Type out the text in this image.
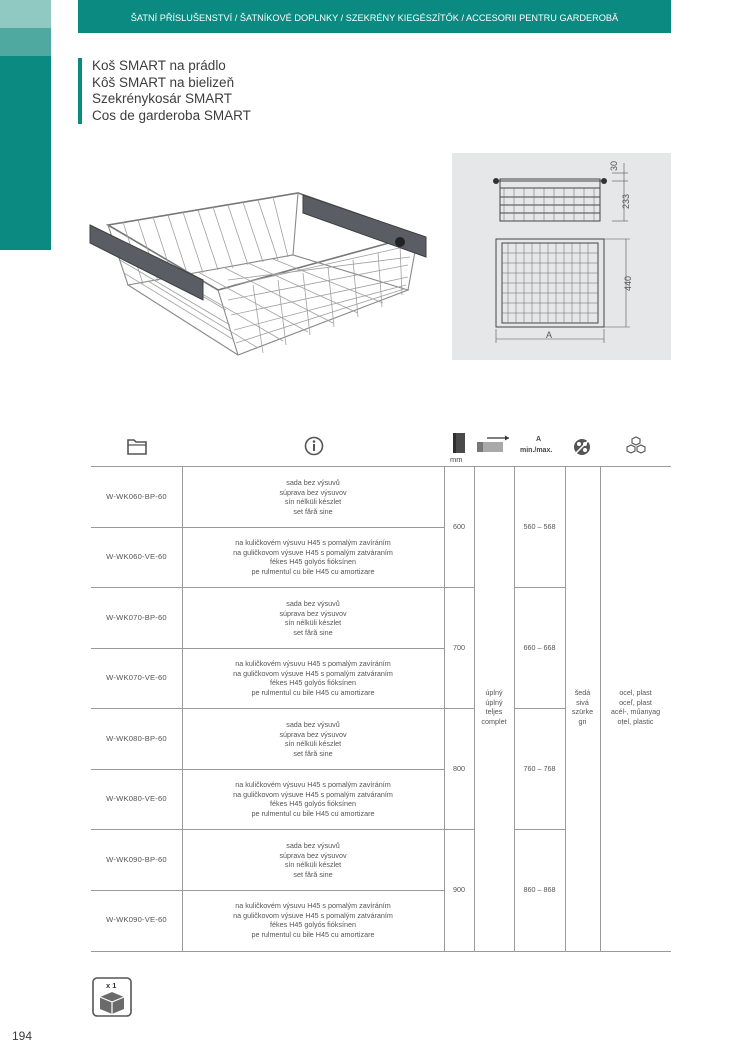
ŠATNÍ PŘÍSLUŠENSTVÍ / ŠATNÍKOVÉ DOPLNKY / SZEKRÉNY KIEGÉSZÍTŐK / ACCESORII PENTRU GARDEROBĂ
Koš SMART na prádlo
Kôš SMART na bielizeň
Szekrénykosár SMART
Cos de garderoba SMART
30
233
440
A
mm
A
min./max.
W-WK060-BP-60
sada bez výsuvů
súprava bez výsuvov
sín nélküli készlet
set fără sine
W-WK060-VE-60
na kuličkovém výsuvu H45 s pomalým zavíráním
na guličkovom výsuve H45 s pomalým zatváraním
fékes H45 golyós fióksínen
pe rulmentul cu bile H45 cu amortizare
W-WK070-BP-60
sada bez výsuvů
súprava bez výsuvov
sín nélküli készlet
set fără sine
W-WK070-VE-60
na kuličkovém výsuvu H45 s pomalým zavíráním
na guličkovom výsuve H45 s pomalým zatváraním
fékes H45 golyós fióksínen
pe rulmentul cu bile H45 cu amortizare
W-WK080-BP-60
sada bez výsuvů
súprava bez výsuvov
sín nélküli készlet
set fără sine
W-WK080-VE-60
na kuličkovém výsuvu H45 s pomalým zavíráním
na guličkovom výsuve H45 s pomalým zatváraním
fékes H45 golyós fióksínen
pe rulmentul cu bile H45 cu amortizare
W-WK090-BP-60
sada bez výsuvů
súprava bez výsuvov
sín nélküli készlet
set fără sine
W-WK090-VE-60
na kuličkovém výsuvu H45 s pomalým zavíráním
na guličkovom výsuve H45 s pomalým zatváraním
fékes H45 golyós fióksínen
pe rulmentul cu bile H45 cu amortizare
600
700
800
900
560 – 568
660 – 668
760 – 768
860 – 868
úplný
úplný
teljes
complet
šedá
sivá
szürke
gri
ocel, plast
oceľ, plast
acél-, műanyag
oțel, plastic
x 1
194
